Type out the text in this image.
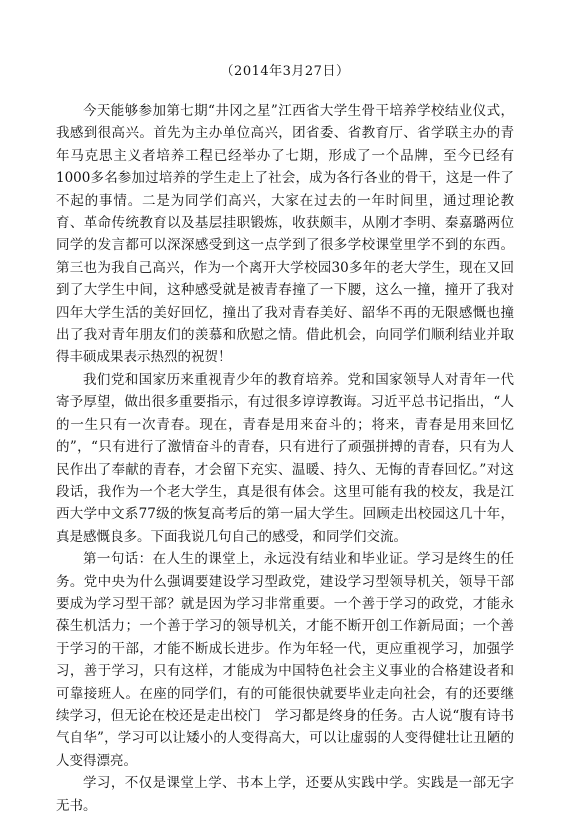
（2014年3月27日）

今天能够参加第七期“井冈之星”江西省大学生骨干培养学校结业仪式，我感到很高兴。首先为主办单位高兴，团省委、省教育厅、省学联主办的青年马克思主义者培养工程已经举办了七期，形成了一个品牌，至今已经有1000多名参加过培养的学生走上了社会，成为各行各业的骨干，这是一件了不起的事情。二是为同学们高兴，大家在过去的一年时间里，通过理论教育、革命传统教育以及基层挂职锻炼，收获颇丰，从刚才李明、秦嘉璐两位同学的发言都可以深深感受到这一点学到了很多学校课堂里学不到的东西。第三也为我自己高兴，作为一个离开大学校园30多年的老大学生，现在又回到了大学生中间，这种感受就是被青春撞了一下腰，这么一撞，撞开了我对四年大学生活的美好回忆，撞出了我对青春美好、韶华不再的无限感慨也撞出了我对青年朋友们的羡慕和欣慰之情。借此机会，向同学们顺利结业并取得丰硕成果表示热烈的祝贺！

我们党和国家历来重视青少年的教育培养。党和国家领导人对青年一代寄予厚望，做出很多重要指示，有过很多谆谆教诲。习近平总书记指出，“人的一生只有一次青春。现在，青春是用来奋斗的；将来，青春是用来回忆的”，“只有进行了激情奋斗的青春，只有进行了顽强拼搏的青春，只有为人民作出了奉献的青春，才会留下充实、温暖、持久、无悔的青春回忆。”对这段话，我作为一个老大学生，真是很有体会。这里可能有我的校友，我是江西大学中文系77级的恢复高考后的第一届大学生。回顾走出校园这几十年，真是感慨良多。下面我说几句自己的感受，和同学们交流。

第一句话：在人生的课堂上，永远没有结业和毕业证。学习是终生的任务。党中央为什么强调要建设学习型政党，建设学习型领导机关，领导干部要成为学习型干部？就是因为学习非常重要。一个善于学习的政党，才能永葆生机活力；一个善于学习的领导机关，才能不断开创工作新局面；一个善于学习的干部，才能不断成长进步。作为年轻一代，更应重视学习，加强学习，善于学习，只有这样，才能成为中国特色社会主义事业的合格建设者和可靠接班人。在座的同学们，有的可能很快就要毕业走向社会，有的还要继续学习，但无论在校还是走出校门　学习都是终身的任务。古人说“腹有诗书气自华”，学习可以让矮小的人变得高大，可以让虚弱的人变得健壮让丑陋的人变得漂亮。

学习，不仅是课堂上学、书本上学，还要从实践中学。实践是一部无字无书。
